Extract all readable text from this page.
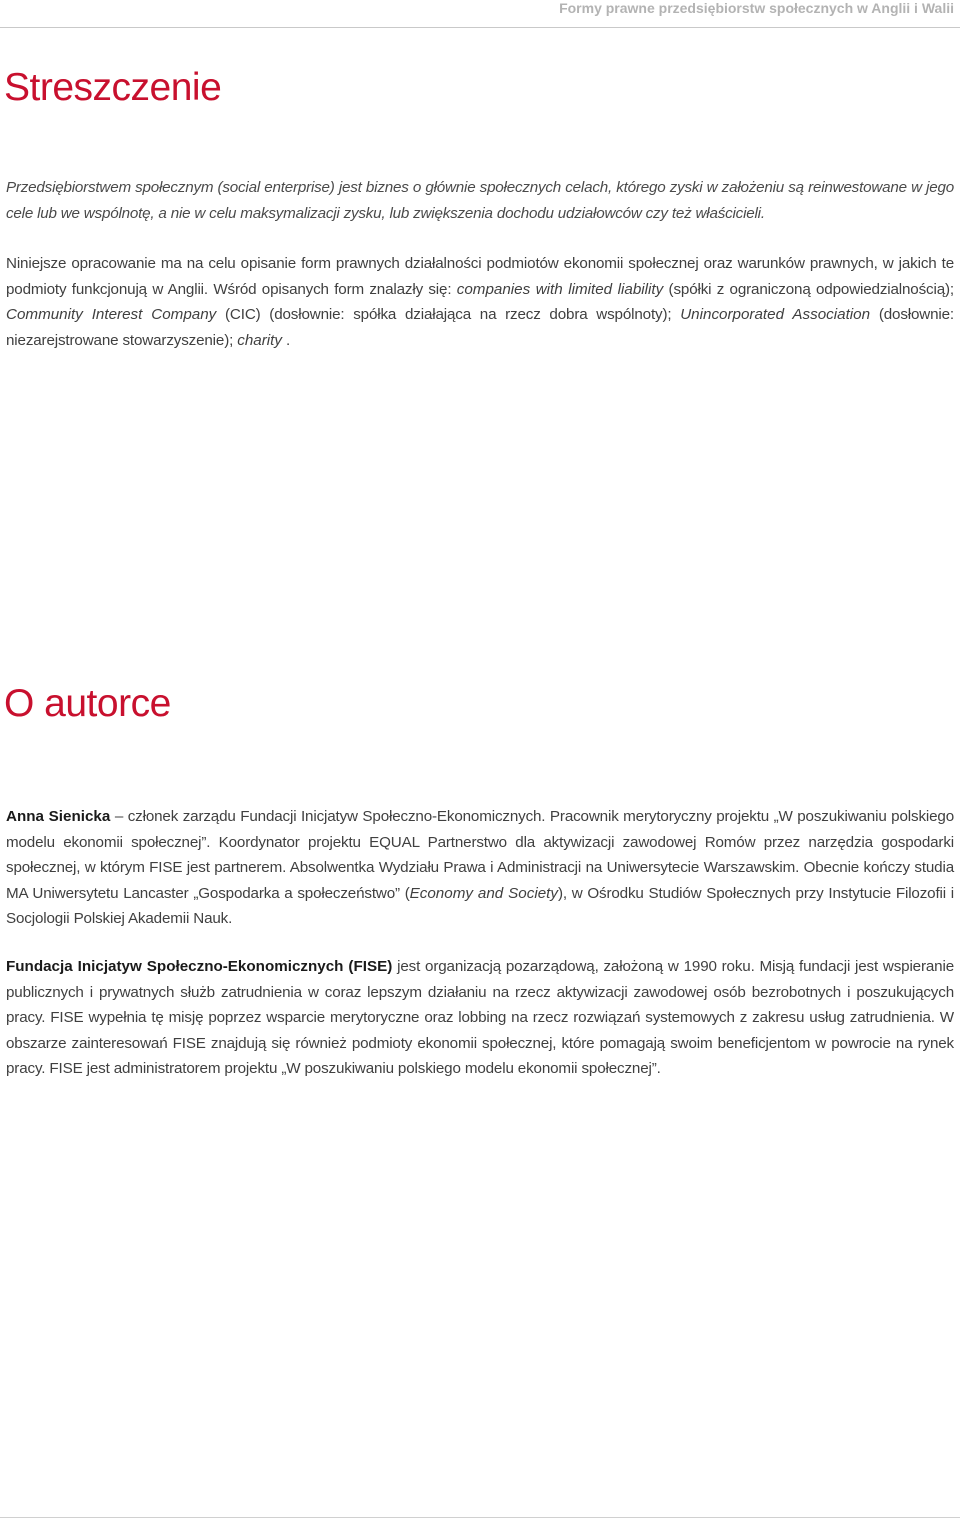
Formy prawne przedsiębiorstw społecznych w Anglii i Walii
Streszczenie

Przedsiębiorstwem społecznym (social enterprise) jest biznes o głównie społecznych celach, którego zyski w założeniu są reinwestowane w jego cele lub we wspólnotę, a nie w celu maksymalizacji zysku, lub zwiększenia dochodu udziałowców czy też właścicieli.

Niniejsze opracowanie ma na celu opisanie form prawnych działalności podmiotów ekonomii społecznej oraz warunków prawnych, w jakich te podmioty funkcjonują w Anglii. Wśród opisanych form znalazły się: companies with limited liability (spółki z ograniczoną odpowiedzialnością); Community Interest Company (CIC) (dosłownie: spółka działająca na rzecz dobra wspólnoty); Unincorporated Association (dosłownie: niezarejstrowane stowarzyszenie); charity .

O autorce

Anna Sienicka – członek zarządu Fundacji Inicjatyw Społeczno-Ekonomicznych. Pracownik merytoryczny projektu „W poszukiwaniu polskiego modelu ekonomii społecznej”. Koordynator projektu EQUAL Partnerstwo dla aktywizacji zawodowej Romów przez narzędzia gospodarki społecznej, w którym FISE jest partnerem. Absolwentka Wydziału Prawa i Administracji na Uniwersytecie Warszawskim. Obecnie kończy studia MA Uniwersytetu Lancaster „Gospodarka a społeczeństwo” (Economy and Society), w Ośrodku Studiów Społecznych przy Instytucie Filozofii i Socjologii Polskiej Akademii Nauk.

Fundacja Inicjatyw Społeczno-Ekonomicznych (FISE) jest organizacją pozarządową, założoną w 1990 roku. Misją fundacji jest wspieranie publicznych i prywatnych służb zatrudnienia w coraz lepszym działaniu na rzecz aktywizacji zawodowej osób bezrobotnych i poszukujących pracy. FISE wypełnia tę misję poprzez wsparcie merytoryczne oraz lobbing na rzecz rozwiązań systemowych z zakresu usług zatrudnienia. W obszarze zainteresowań FISE znajdują się również podmioty ekonomii społecznej, które pomagają swoim beneficjentom w powrocie na rynek pracy. FISE jest administratorem projektu „W poszukiwaniu polskiego modelu ekonomii społecznej”.
